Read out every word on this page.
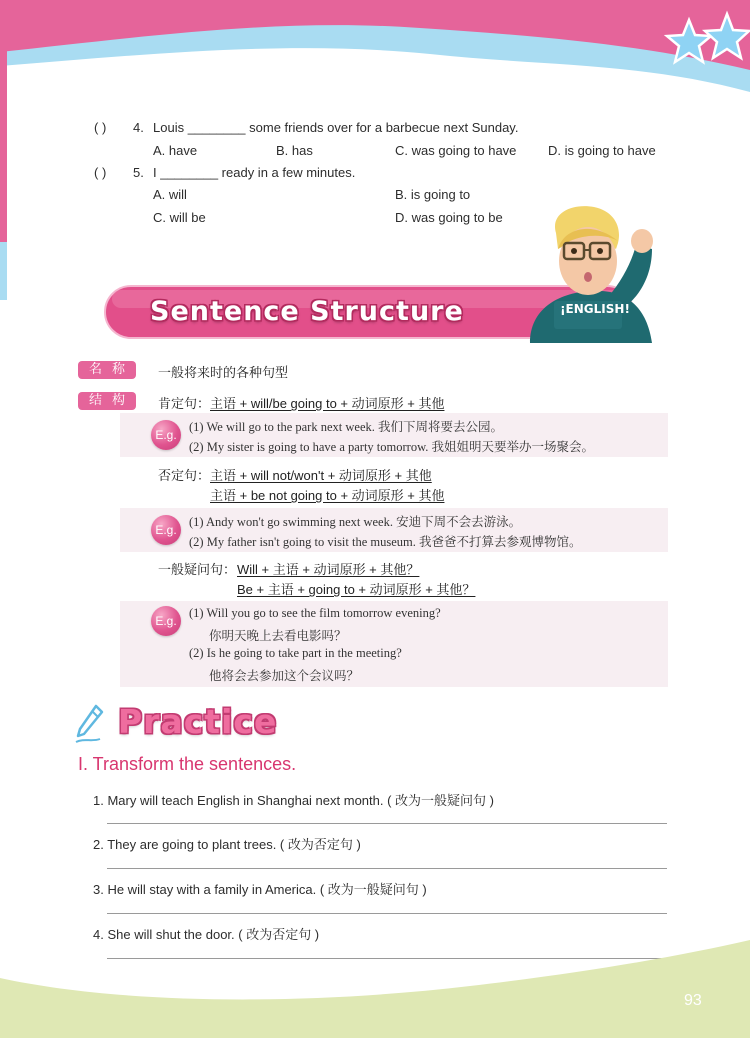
( ) 4. Louis ________ some friends over for a barbecue next Sunday.
A. have	B. has	C. was going to have D. is going to have
( ) 5. I ________ ready in a few minutes.
A. will	B. is going to
C. will be	D. was going to be
Sentence Structure	¡ENGLISH!
名称 一般将来时的各种句型
结构 肯定句： 主语 + will/be going to + 动词原形 + 其他
E.g.
(1) We will go to the park next week. 我们下周将要去公园。
(2) My sister is going to have a party tomorrow. 我姐姐明天要举办一场聚会。
否定句： 主语 + will not/won't + 动词原形 + 其他
主语 + be not going to + 动词原形 + 其他
E.g.
(1) Andy won't go swimming next week. 安迪下周不会去游泳。
(2) My father isn't going to visit the museum. 我爸爸不打算去参观博物馆。
一般疑问句： Will + 主语 + 动词原形 + 其他？
Be + 主语 + going to + 动词原形 + 其他？
E.g.
(1) Will you go to see the film tomorrow evening?
你明天晚上去看电影吗？
(2) Is he going to take part in the meeting?
他将会去参加这个会议吗？
Practice
I. Transform the sentences.
1. Mary will teach English in Shanghai next month. ( 改为一般疑问句 )
2. They are going to plant trees. ( 改为否定句 )
3. He will stay with a family in America. ( 改为一般疑问句 )
4. She will shut the door. ( 改为否定句 )
93
